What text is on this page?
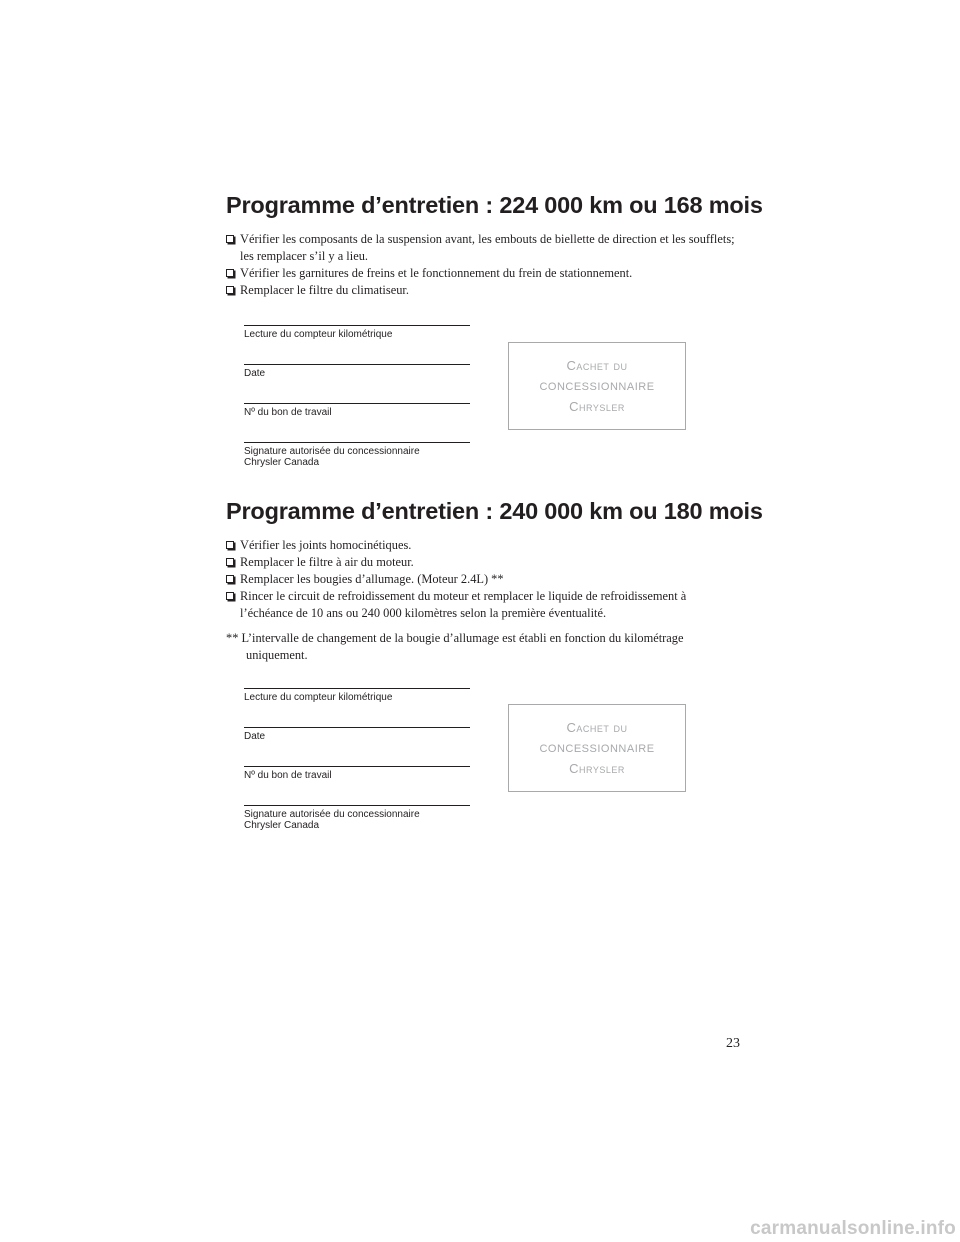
Programme d’entretien : 224 000 km ou 168 mois
Vérifier les composants de la suspension avant, les embouts de biellette de direction et les soufflets; les remplacer s’il y a lieu.
Vérifier les garnitures de freins et le fonctionnement du frein de stationnement.
Remplacer le filtre du climatiseur.
Lecture du compteur kilométrique
Date
Nº du bon de travail
Signature autorisée du concessionnaire
Chrysler Canada
Cachet du
CONCESSIONNAIRE
Chrysler
Programme d’entretien : 240 000 km ou 180 mois
Vérifier les joints homocinétiques.
Remplacer le filtre à air du moteur.
Remplacer les bougies d’allumage. (Moteur 2.4L) **
Rincer le circuit de refroidissement du moteur et remplacer le liquide de refroidissement à l’échéance de 10 ans ou 240 000 kilomètres selon la première éventualité.
** L’intervalle de changement de la bougie d’allumage est établi en fonction du kilométrage uniquement.
Lecture du compteur kilométrique
Date
Nº du bon de travail
Signature autorisée du concessionnaire
Chrysler Canada
Cachet du
CONCESSIONNAIRE
Chrysler
23
carmanualsonline.info
